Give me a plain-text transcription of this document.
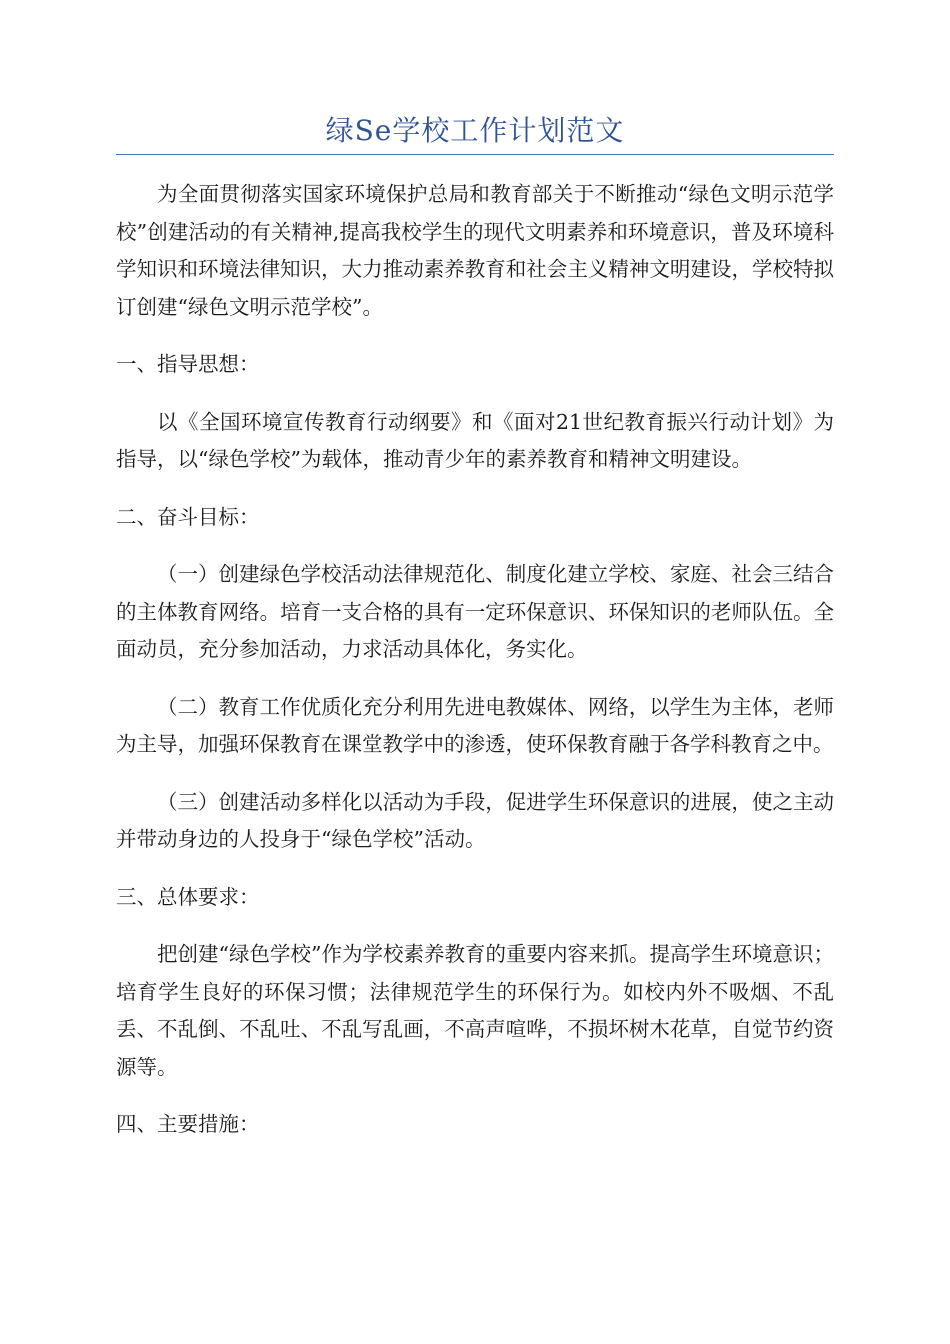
绿Se学校工作计划范文

为全面贯彻落实国家环境保护总局和教育部关于不断推动“绿色文明示范学校”创建活动的有关精神,提高我校学生的现代文明素养和环境意识，普及环境科学知识和环境法律知识，大力推动素养教育和社会主义精神文明建设，学校特拟订创建“绿色文明示范学校”。

一、指导思想：

以《全国环境宣传教育行动纲要》和《面对21世纪教育振兴行动计划》为指导，以“绿色学校”为载体，推动青少年的素养教育和精神文明建设。

二、奋斗目标：

（一）创建绿色学校活动法律规范化、制度化建立学校、家庭、社会三结合的主体教育网络。培育一支合格的具有一定环保意识、环保知识的老师队伍。全面动员，充分参加活动，力求活动具体化，务实化。

（二）教育工作优质化充分利用先进电教媒体、网络，以学生为主体，老师为主导，加强环保教育在课堂教学中的渗透，使环保教育融于各学科教育之中。

（三）创建活动多样化以活动为手段，促进学生环保意识的进展，使之主动并带动身边的人投身于“绿色学校”活动。

三、总体要求：

把创建“绿色学校”作为学校素养教育的重要内容来抓。提高学生环境意识；培育学生良好的环保习惯；法律规范学生的环保行为。如校内外不吸烟、不乱丢、不乱倒、不乱吐、不乱写乱画，不高声喧哗，不损坏树木花草，自觉节约资源等。

四、主要措施：
